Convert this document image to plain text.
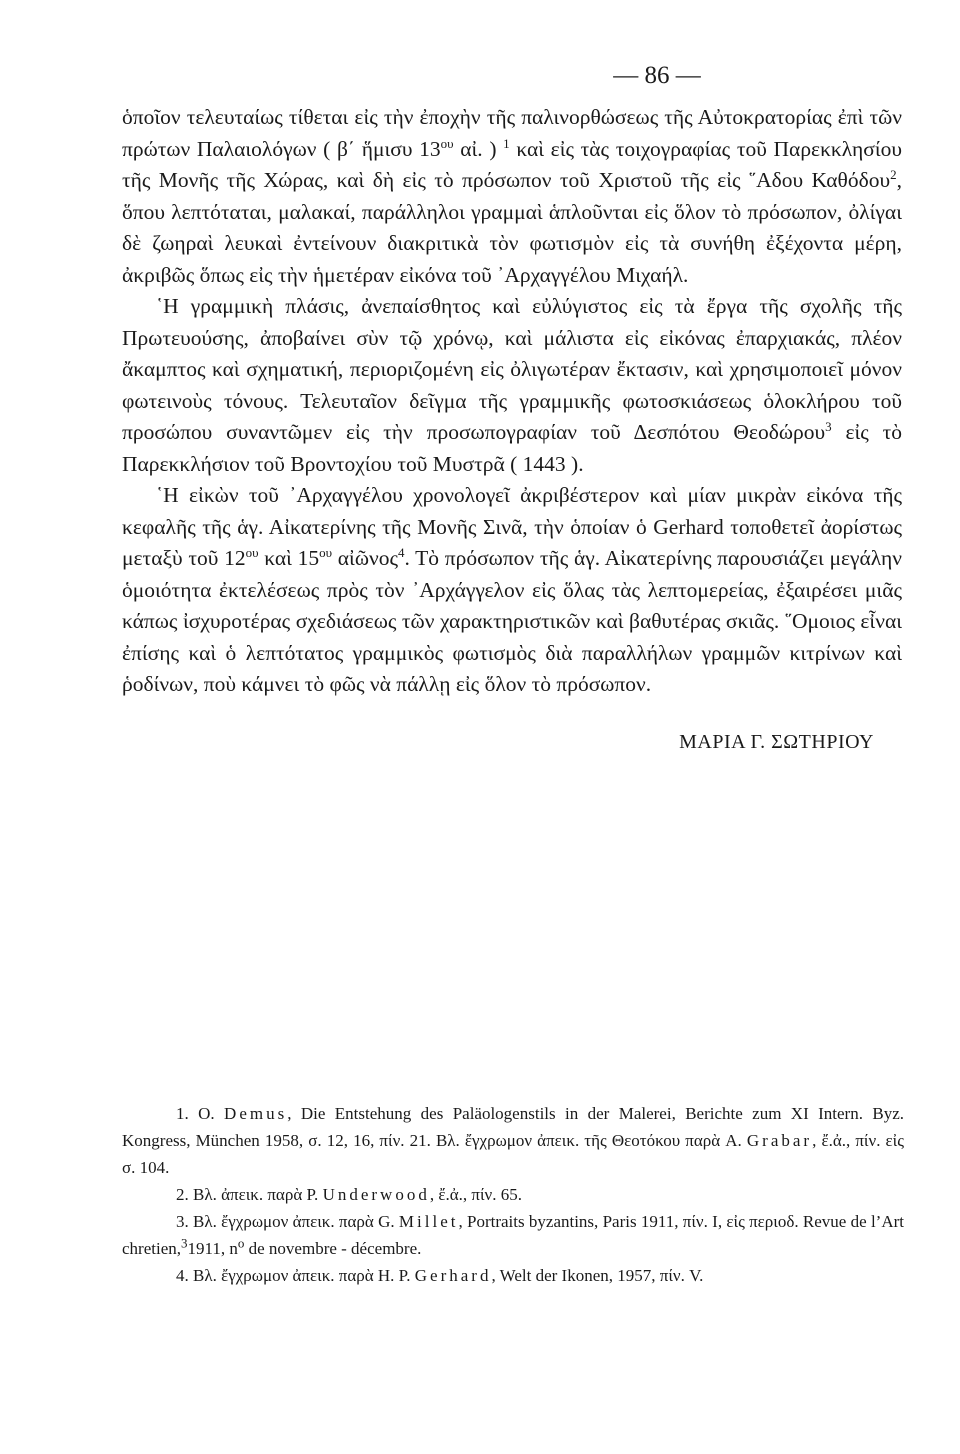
— 86 —

ὁποῖον τελευταίως τίθεται εἰς τὴν ἐποχὴν τῆς παλινορθώσεως τῆς Αὐτοκρατορίας ἐπὶ τῶν πρώτων Παλαιολόγων ( β΄ ἥμισυ $13^{o\upsilon}$ αἰ. ) $^1$ καὶ εἰς τὰς τοιχογραφίας τοῦ Παρεκκλησίου τῆς Μονῆς τῆς Χώρας, καὶ δὴ εἰς τὸ πρόσωπον τοῦ Χριστοῦ τῆς εἰς ῞Αδου Καθόδου$^2$, ὅπου λεπτόταται, μαλακαί, παράλληλοι γραμμαὶ ἁπλοῦνται εἰς ὅλον τὸ πρόσωπον, ὀλίγαι δὲ ζωηραὶ λευκαὶ ἐντείνουν διακριτικὰ τὸν φωτισμὸν εἰς τὰ συνήθη ἐξέχοντα μέρη, ἀκριβῶς ὅπως εἰς τὴν ἡμετέραν εἰκόνα τοῦ ᾿Αρχαγγέλου Μιχαήλ.

῾Η γραμμικὴ πλάσις, ἀνεπαίσθητος καὶ εὐλύγιστος εἰς τὰ ἔργα τῆς σχολῆς τῆς Πρωτευούσης, ἀποβαίνει σὺν τῷ χρόνῳ, καὶ μάλιστα εἰς εἰκόνας ἐπαρχιακάς, πλέον ἄκαμπτος καὶ σχηματική, περιοριζομένη εἰς ὀλιγωτέραν ἔκτασιν, καὶ χρησιμοποιεῖ μόνον φωτεινοὺς τόνους. Τελευταῖον δεῖγμα τῆς γραμμικῆς φωτοσκιάσεως ὁλοκλήρου τοῦ προσώπου συναντῶμεν εἰς τὴν προσωπογραφίαν τοῦ Δεσπότου Θεοδώρου$^3$ εἰς τὸ Παρεκκλήσιον τοῦ Βροντοχίου τοῦ Μυστρᾶ ( 1443 ).

῾Η εἰκὼν τοῦ ᾿Αρχαγγέλου χρονολογεῖ ἀκριβέστερον καὶ μίαν μικρὰν εἰκόνα τῆς κεφαλῆς τῆς ἁγ. Αἰκατερίνης τῆς Μονῆς Σινᾶ, τὴν ὁποίαν ὁ Gerhard τοποθετεῖ ἀορίστως μεταξὺ τοῦ $12^{o\upsilon}$ καὶ $15^{o\upsilon}$ αἰῶνος$^4$. Τὸ πρόσωπον τῆς ἁγ. Αἰκατερίνης παρουσιάζει μεγάλην ὁμοιότητα ἐκτελέσεως πρὸς τὸν ᾿Αρχάγγελον εἰς ὅλας τὰς λεπτομερείας, ἐξαιρέσει μιᾶς κάπως ἰσχυροτέρας σχεδιάσεως τῶν χαρακτηριστικῶν καὶ βαθυτέρας σκιᾶς. ῞Ομοιος εἶναι ἐπίσης καὶ ὁ λεπτότατος γραμμικὸς φωτισμὸς διὰ παραλλήλων γραμμῶν κιτρίνων καὶ ῥοδίνων, ποὺ κάμνει τὸ φῶς νὰ πάλλῃ εἰς ὅλον τὸ πρόσωπον.

ΜΑΡΙΑ Γ. ΣΩΤΗΡΙΟΥ

1. O. Demus, Die Entstehung des Paläologenstils in der Malerei, Berichte zum XI Intern. Byz. Kongress, München 1958, σ. 12, 16, πίν. 21. Βλ. ἔγχρωμον ἀπεικ. τῆς Θεοτόκου παρὰ A. Grabar, ἔ.ἀ., πίν. εἰς σ. 104.

2. Βλ. ἀπεικ. παρὰ P. Underwood, ἔ.ἀ., πίν. 65.

3. Βλ. ἔγχρωμον ἀπεικ. παρὰ G. Millet, Portraits byzantins, Paris 1911, πίν. I, εἰς περιοδ. Revue de l’Art chretien,$^3$1911, $n^o$ de novembre - décembre.

4. Βλ. ἔγχρωμον ἀπεικ. παρὰ H. P. Gerhard, Welt der Ikonen, 1957, πίν. V.
